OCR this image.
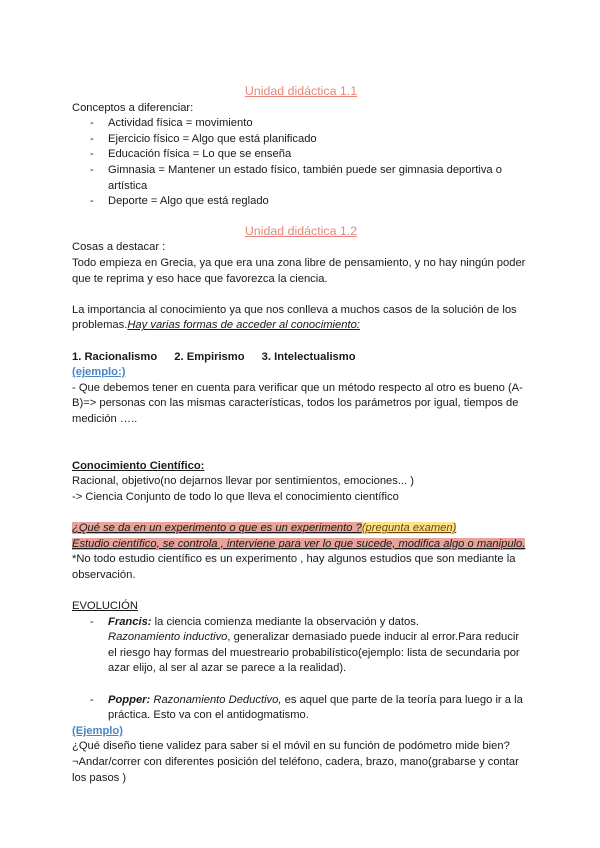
Unidad didáctica 1.1

Conceptos a diferenciar:

- Actividad física = movimiento
- Ejercicio físico = Algo que está planificado
- Educación física = Lo que se enseña
- Gimnasia = Mantener un estado físico, también puede ser gimnasia deportiva o artística
- Deporte = Algo que está reglado

Unidad didáctica 1.2

Cosas a destacar :

Todo empieza en Grecia, ya que era una zona libre de pensamiento, y no hay ningún poder que te reprima y eso hace que favorezca la ciencia.

La importancia al conocimiento ya que nos conlleva a muchos casos de la solución de los problemas.Hay varias formas de acceder al conocimiento:

1. Racionalismo 2. Empirismo 3. Intelectualismo

(ejemplo:)

- Que debemos tener en cuenta para verificar que un método respecto al otro es bueno (A-B)=> personas con las mismas características, todos los parámetros por igual, tiempos de medición …..

Conocimiento Científico:

Racional, objetivo(no dejarnos llevar por sentimientos, emociones... )

-> Ciencia Conjunto de todo lo que lleva el conocimiento científico

¿Qué se da en un experimento o que es un experimento ?(pregunta examen)

Estudio científico, se controla , interviene para ver lo que sucede, modifica algo o manipulo.

*No todo estudio científico es un experimento , hay algunos estudios que son mediante la observación.

EVOLUCIÓN

- Francis: la ciencia comienza mediante la observación y datos.
Razonamiento inductivo, generalizar demasiado puede inducir al error.Para reducir el riesgo hay formas del muestreario probabilístico(ejemplo: lista de secundaria por azar elijo, al ser al azar se parece a la realidad).
- Popper: Razonamiento Deductivo, es aquel que parte de la teoría para luego ir a la práctica. Esto va con el antidogmatismo.

(Ejemplo)

¿Qué diseño tiene validez para saber si el móvil en su función de podómetro mide bien?

¬Andar/correr con diferentes posición del teléfono, cadera, brazo, mano(grabarse y contar los pasos )
